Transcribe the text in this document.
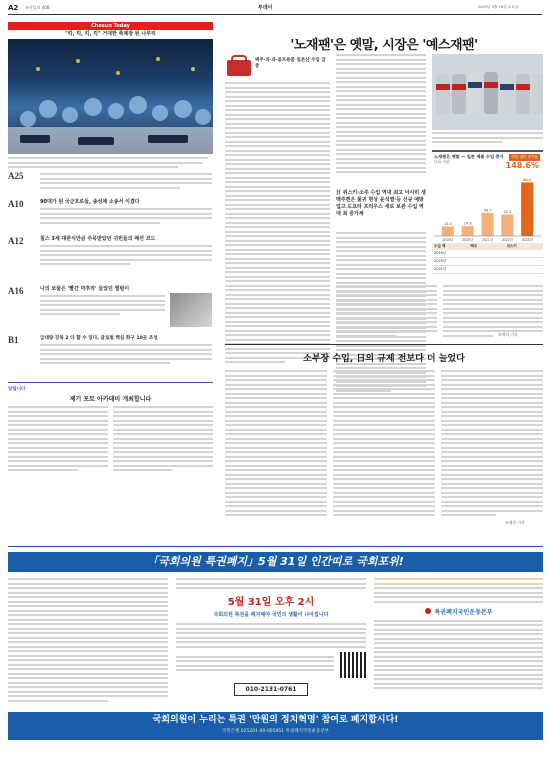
A2 조선일보 40B	투데이	2025년 5월 16일 토요일
Chosun Today
"킥, 킥, 킥, 킥" 거대한 축제장 된 나루리
A25
A10	90대가 된 국군포로들, 송성채 소송서 이겼다
A12	칠스 3세 대관식만큼 주목받았던 귀빈들의 패션 코드
A16	나의 보물은 '빨간 마후라' 들었던 앨범이
B1	급대량 강북 2 다 할 수 있다, 글로벌 핵심 화구 10곳 조성
알립니다
제기 포토 아카데미 개최합니다
'노재팬'은 옛말, 시장은 '예스재팬'
맥주·과·과·골프용품 일본산 수입 급증
日 위스키·소주 수입 역대 최고 아사히 생맥주캔은 품귀 현상 윤석열·등 신규 예방 업고 도요타 프리우스 새로 보관 수입 역대 최 증가세
노재팬은 옛말 — 일본 제품 수입 증가
단위: 억원
전년 대비 증가율
148.6%
14.4
2019년
14.8
2020년
34.7
2021년
32.3
2022년
80.4
2023년
수입 액	맥주	위스키
2019년
2020년
2021년
조재희 기자
소부장 수입, 日의 규제 전보다 더 늘었다
조재희 기자
「국회의원 특권폐지」5월 31일 인간띠로 국회포위!
5월 31일 오후 2시
국회의원 특권을 폐지해야 국민의 생활이 나아집니다
010-2131-0761
특권폐지국민운동본부
국회의원이 누리는 특권 '만원의 정치혁명' 참여로 폐지합시다!
국민은행 025201-00-005951 특권폐지국민운동본부
